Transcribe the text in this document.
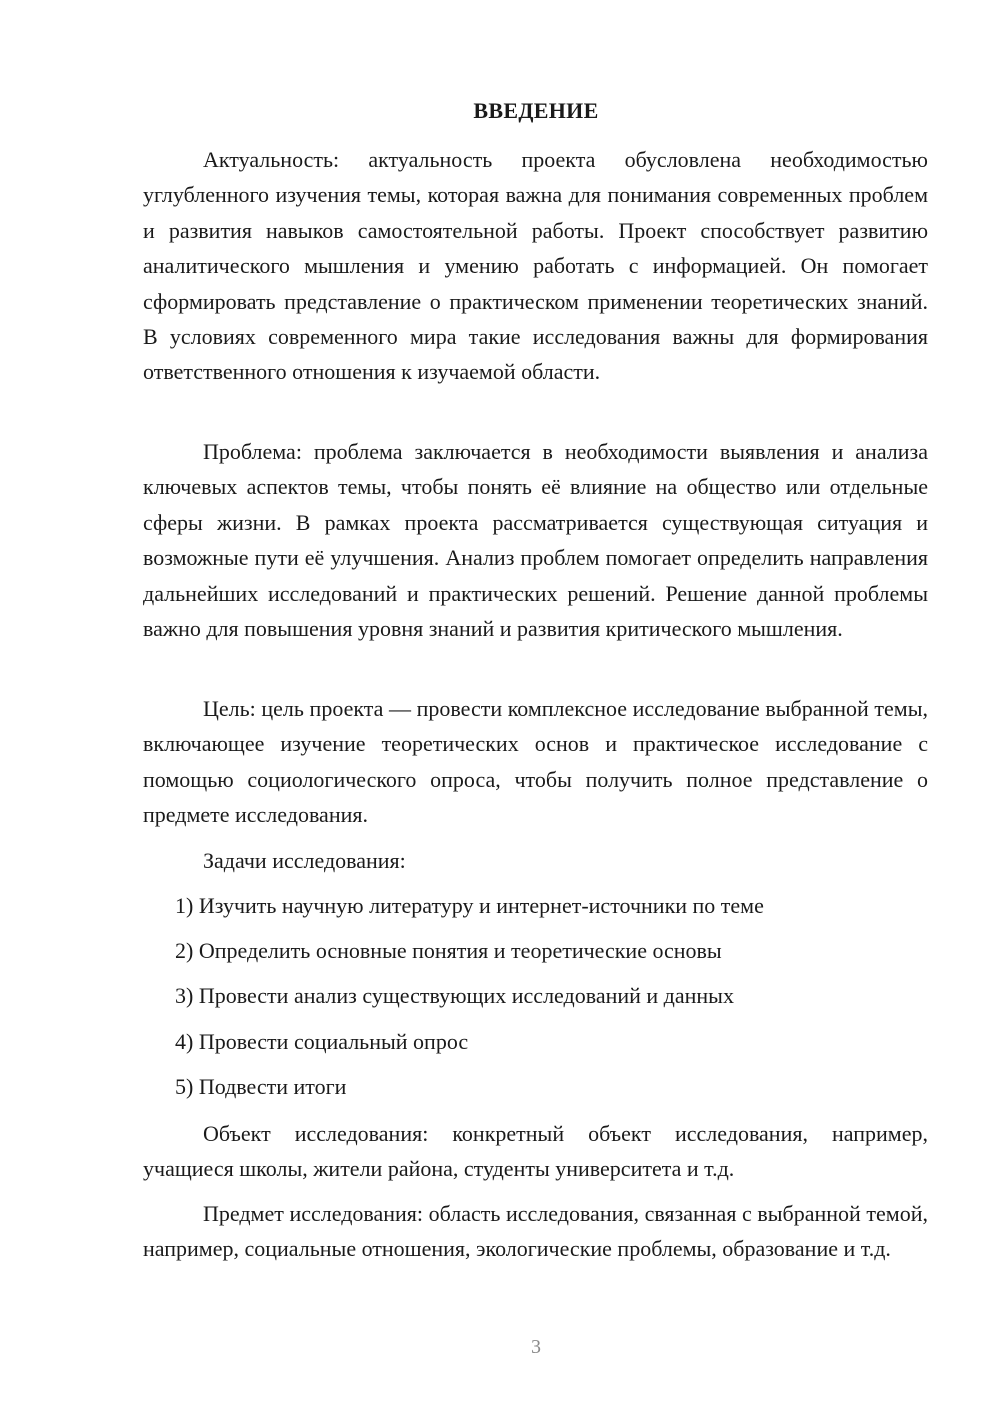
ВВЕДЕНИЕ

Актуальность: актуальность проекта обусловлена необходимостью углубленного изучения темы, которая важна для понимания современных проблем и развития навыков самостоятельной работы. Проект способствует развитию аналитического мышления и умению работать с информацией. Он помогает сформировать представление о практическом применении теоретических знаний. В условиях современного мира такие исследования важны для формирования ответственного отношения к изучаемой области.

Проблема: проблема заключается в необходимости выявления и анализа ключевых аспектов темы, чтобы понять её влияние на общество или отдельные сферы жизни. В рамках проекта рассматривается существующая ситуация и возможные пути её улучшения. Анализ проблем помогает определить направления дальнейших исследований и практических решений. Решение данной проблемы важно для повышения уровня знаний и развития критического мышления.

Цель: цель проекта — провести комплексное исследование выбранной темы, включающее изучение теоретических основ и практическое исследование с помощью социологического опроса, чтобы получить полное представление о предмете исследования.

Задачи исследования:

1) Изучить научную литературу и интернет-источники по теме

2) Определить основные понятия и теоретические основы

3) Провести анализ существующих исследований и данных

4) Провести социальный опрос

5) Подвести итоги

Объект исследования: конкретный объект исследования, например, учащиеся школы, жители района, студенты университета и т.д.

Предмет исследования: область исследования, связанная с выбранной темой, например, социальные отношения, экологические проблемы, образование и т.д.

3
